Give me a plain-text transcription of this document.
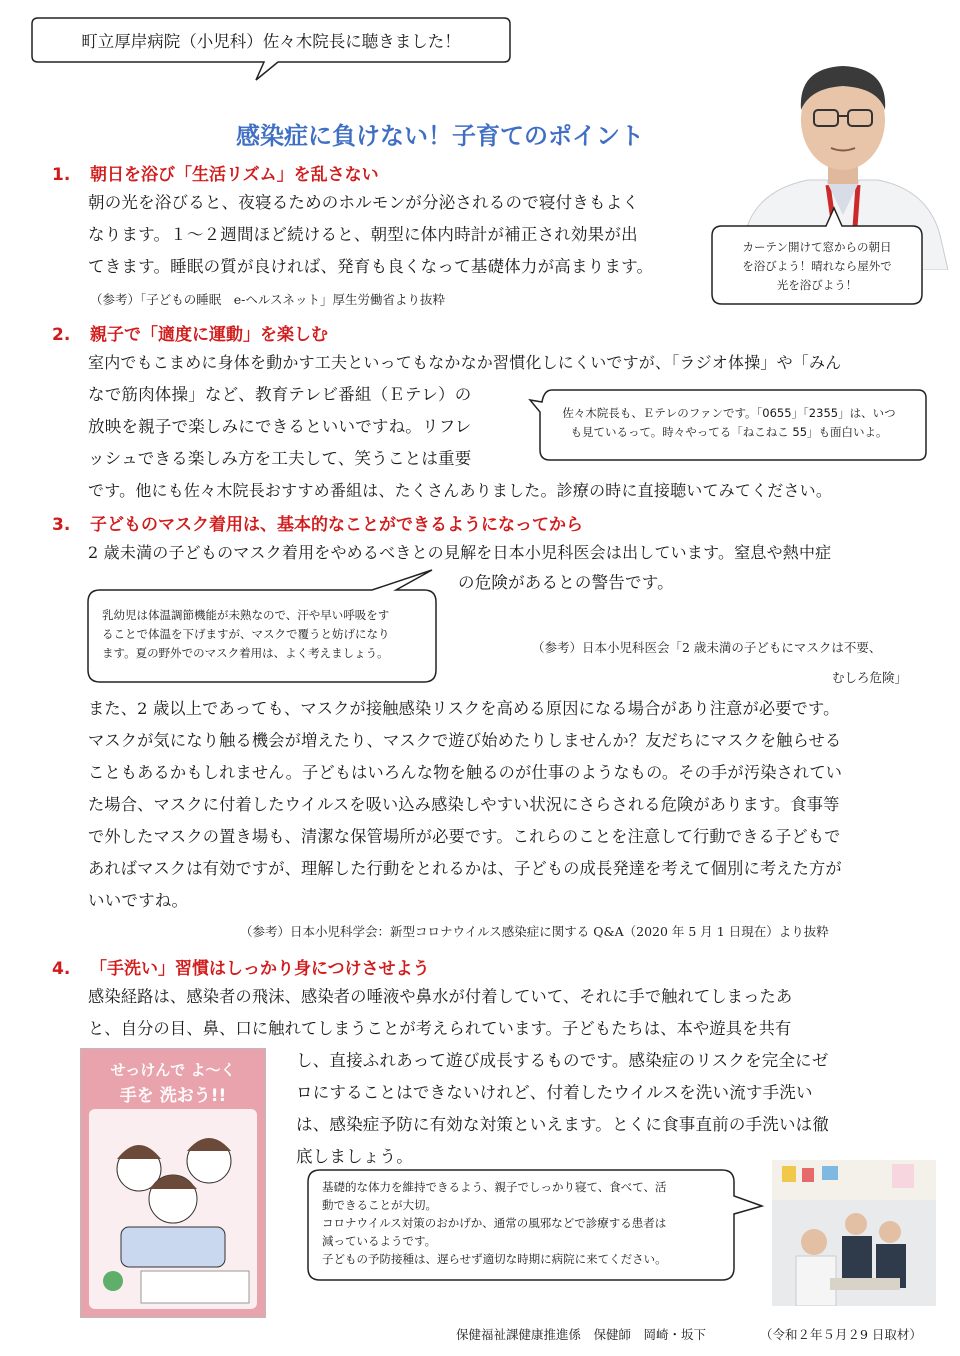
町立厚岸病院（小児科）佐々木院長に聴きました！
感染症に負けない！子育てのポイント
カーテン開けて窓からの朝日
を浴びよう！晴れなら屋外で
光を浴びよう！
1. 朝日を浴び「生活リズム」を乱さない
朝の光を浴びると、夜寝るためのホルモンが分泌されるので寝付きもよく
なります。１～２週間ほど続けると、朝型に体内時計が補正され効果が出
てきます。睡眠の質が良ければ、発育も良くなって基礎体力が高まります。
（参考）「子どもの睡眠　e-ヘルスネット」厚生労働省より抜粋
2. 親子で「適度に運動」を楽しむ
室内でもこまめに身体を動かす工夫といってもなかなか習慣化しにくいですが、「ラジオ体操」や「みん
なで筋肉体操」など、教育テレビ番組（Ｅテレ）の
放映を親子で楽しみにできるといいですね。リフレ
ッシュできる楽しみ方を工夫して、笑うことは重要
です。他にも佐々木院長おすすめ番組は、たくさんありました。診療の時に直接聴いてみてください。
佐々木院長も、Ｅテレのファンです。「0655」「2355」は、いつ
も見ているって。時々やってる「ねこねこ 55」も面白いよ。
3. 子どものマスク着用は、基本的なことができるようになってから
2 歳未満の子どものマスク着用をやめるべきとの見解を日本小児科医会は出しています。窒息や熱中症
の危険があるとの警告です。
乳幼児は体温調節機能が未熟なので、汗や早い呼吸をす
ることで体温を下げますが、マスクで覆うと妨げになり
ます。夏の野外でのマスク着用は、よく考えましょう。	（参考）日本小児科医会「2 歳未満の子どもにマスクは不要、
むしろ危険」
また、2 歳以上であっても、マスクが接触感染リスクを高める原因になる場合があり注意が必要です。
マスクが気になり触る機会が増えたり、マスクで遊び始めたりしませんか？友だちにマスクを触らせる
こともあるかもしれません。子どもはいろんな物を触るのが仕事のようなもの。その手が汚染されてい
た場合、マスクに付着したウイルスを吸い込み感染しやすい状況にさらされる危険があります。食事等
で外したマスクの置き場も、清潔な保管場所が必要です。これらのことを注意して行動できる子どもで
あればマスクは有効ですが、理解した行動をとれるかは、子どもの成長発達を考えて個別に考えた方が
いいですね。
（参考）日本小児科学会：新型コロナウイルス感染症に関する Q&A（2020 年 5 月 1 日現在）より抜粋
4. 「手洗い」習慣はしっかり身につけさせよう
感染経路は、感染者の飛沫、感染者の唾液や鼻水が付着していて、それに手で触れてしまったあ
と、自分の目、鼻、口に触れてしまうことが考えられています。子どもたちは、本や遊具を共有
し、直接ふれあって遊び成長するものです。感染症のリスクを完全にゼ
ロにすることはできないけれど、付着したウイルスを洗い流す手洗い
は、感染症予防に有効な対策といえます。とくに食事直前の手洗いは徹
底しましょう。
せっけんで よ～く
手を 洗おう!!
基礎的な体力を維持できるよう、親子でしっかり寝て、食べて、活
動できることが大切。
コロナウイルス対策のおかげか、通常の風邪などで診療する患者は
減っているようです。
子どもの予防接種は、遅らせず適切な時期に病院に来てください。
保健福祉課健康推進係　保健師　岡崎・坂下	（令和２年５月２9 日取材）
